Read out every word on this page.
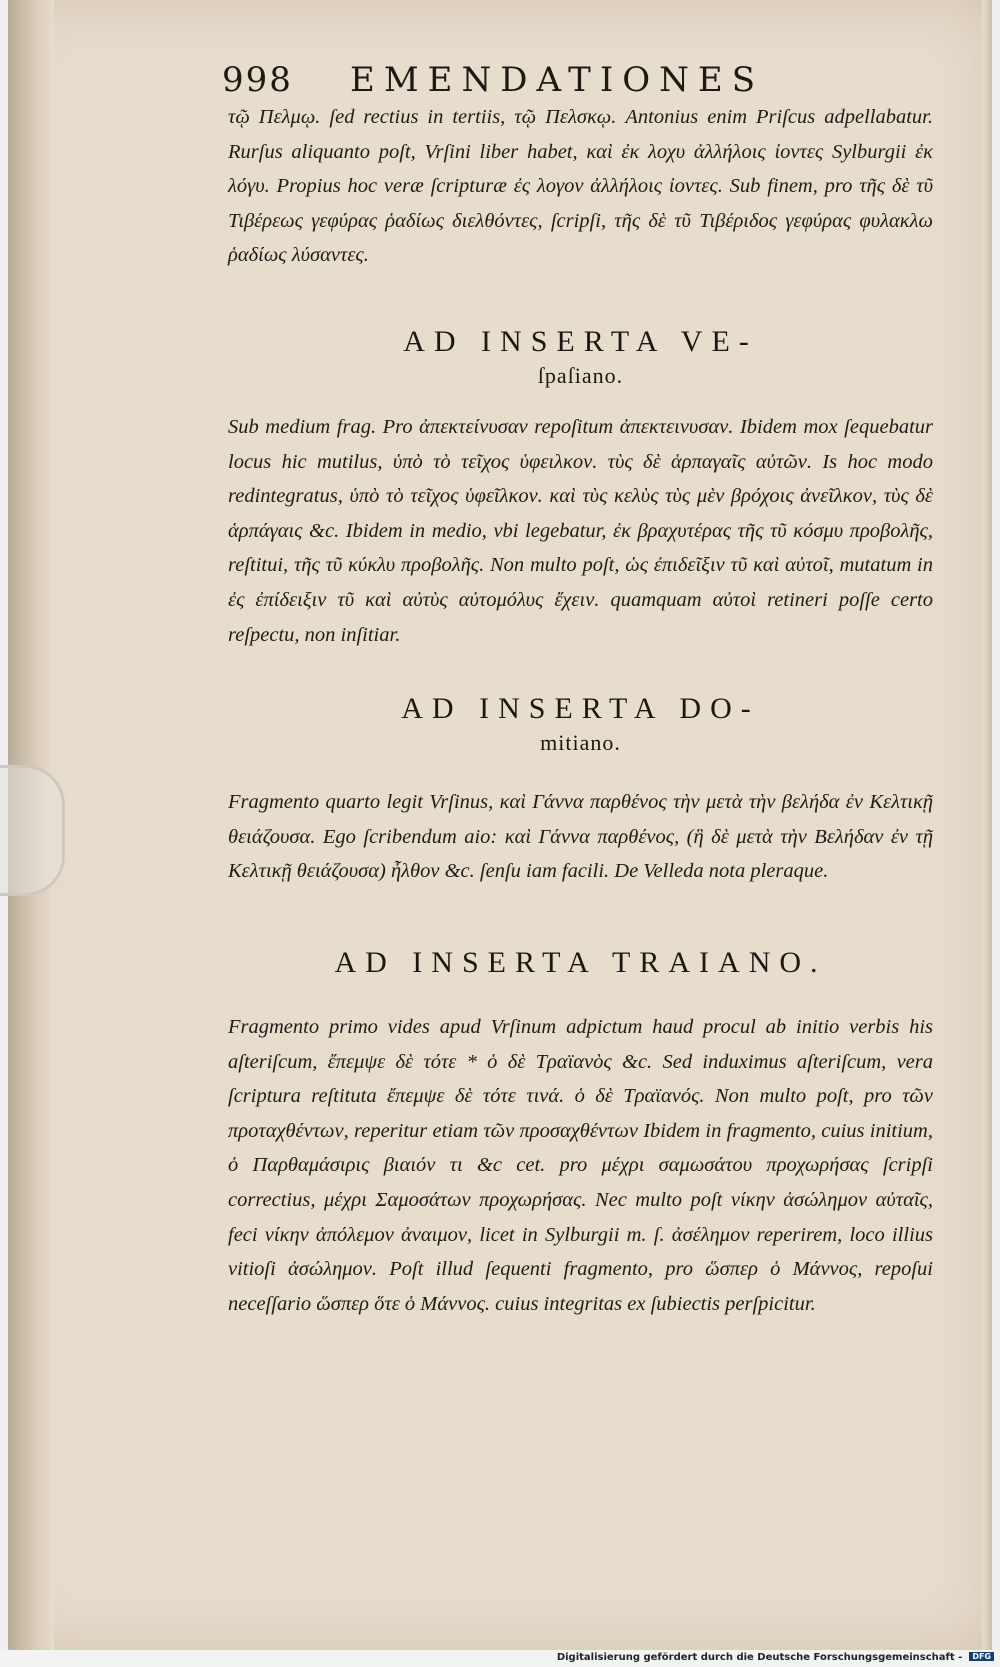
998 EMENDATIONES

τῷ Πελμῳ. ſed rectius in tertiis, τῷ Πελσκῳ. Antonius enim Priſcus adpellabatur. Rurſus aliquanto poſt, Vrſini liber habet, καὶ ἐκ λοχυ ἀλλήλοις ἰοντες Sylburgii ἐκ λόγυ. Propius hoc veræ ſcripturæ ἐς λογον ἀλλήλοις ἰοντες. Sub finem, pro τῆς δὲ τῦ Τιβέρεως γεφύρας ῥαδίως διελθόντες, ſcripſi, τῆς δὲ τῦ Τιβέριδος γεφύρας φυλακλω ῥαδίως λύσαντες.

AD INSERTA VE-
ſpaſiano.

Sub medium frag. Pro ἀπεκτείνυσαν repoſitum ἀπεκτεινυσαν. Ibidem mox ſequebatur locus hic mutilus, ὑπὸ τὸ τεῖχος ὑφειλκον. τὺς δὲ ἁρπαγαῖς αὐτῶν. Is hoc modo redintegratus, ὑπὸ τὸ τεῖχος ὑφεῖλκον. καὶ τὺς κελὺς τὺς μὲν βρόχοις ἀνεῖλκον, τὺς δὲ ἁρπάγαις &c. Ibidem in medio, vbi legebatur, ἐκ βραχυτέρας τῆς τῦ κόσμυ προβολῆς, reſtitui, τῆς τῦ κύκλυ προβολῆς. Non multo poſt, ὡς ἐπιδεῖξιν τῦ καὶ αὐτοῖ, mutatum in ἐς ἐπίδειξιν τῦ καὶ αὐτὺς αὐτομόλυς ἔχειν. quamquam αὐτοὶ retineri poſſe certo reſpectu, non inſitiar.

AD INSERTA DO-
mitiano.

Fragmento quarto legit Vrſinus, καὶ Γάννα παρθένος τὴν μετὰ τὴν βελήδα ἐν Κελτικῇ θειάζουσα. Ego ſcribendum aio: καὶ Γάννα παρθένος, (ἣ δὲ μετὰ τὴν Βελήδαν ἐν τῇ Κελτικῇ θειάζουσα) ἦλθον &c. ſenſu iam facili. De Velleda nota pleraque.

AD INSERTA TRAIANO.

Fragmento primo vides apud Vrſinum adpictum haud procul ab initio verbis his aſteriſcum, ἔπεμψε δὲ τότε * ὁ δὲ Τραϊανὸς &c. Sed induximus aſteriſcum, vera ſcriptura reſtituta ἔπεμψε δὲ τότε τινά. ὁ δὲ Τραϊανός. Non multo poſt, pro τῶν προταχθέντων, reperitur etiam τῶν προσαχθέντων Ibidem in fragmento, cuius initium, ὁ Παρθαμάσιρις βιαιόν τι &c cet. pro μέχρι σαμωσάτου προχωρήσας ſcripſi correctius, μέχρι Σαμοσάτων προχωρήσας. Nec multo poſt νίκην ἀσώλημον αὐταῖς, feci νίκην ἀπόλεμον ἀναιμον, licet in Sylburgii m. ſ. ἀσέλημον reperirem, loco illius vitioſi ἀσώλημον. Poſt illud ſequenti fragmento, pro ὥσπερ ὁ Μάννος, repoſui neceſſario ὥσπερ ὅτε ὁ Μάννος. cuius integritas ex ſubiectis perſpicitur.

Digitalisierung gefördert durch die Deutsche Forschungsgemeinschaft - DFG
